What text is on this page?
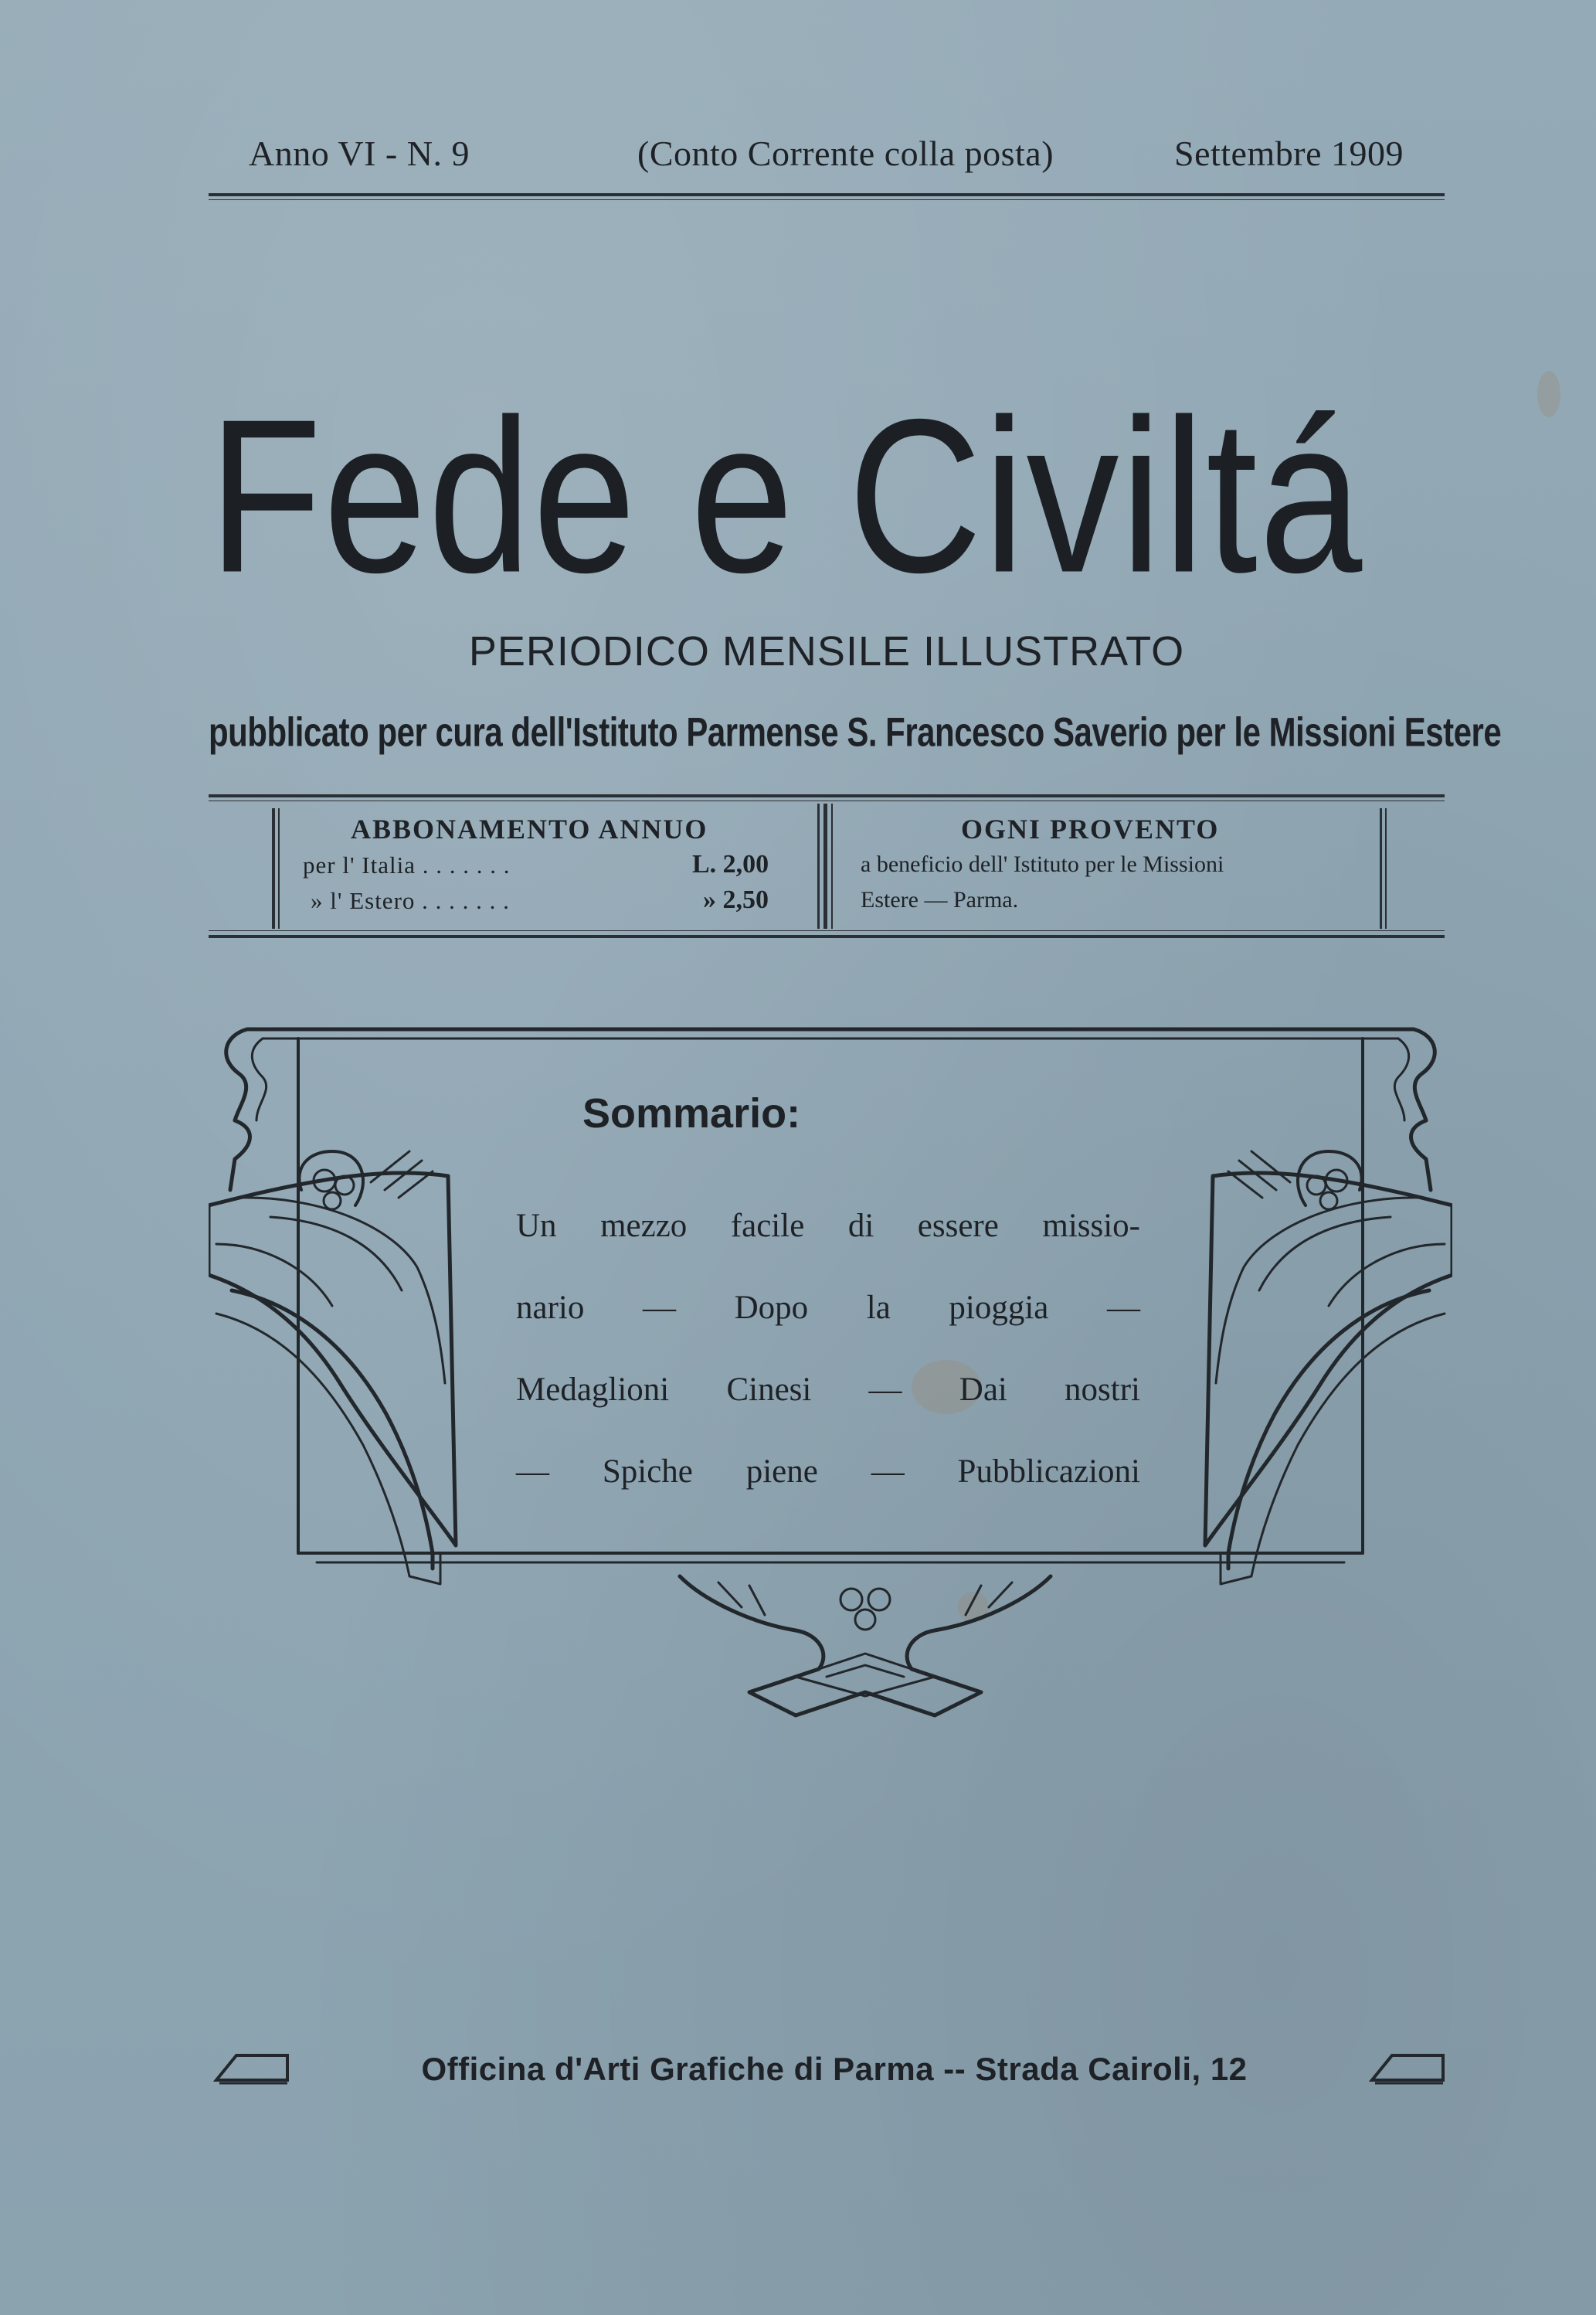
Anno VI - N. 9	(Conto Corrente colla posta)	Settembre 1909
Fede e Civiltá
PERIODICO MENSILE ILLUSTRATO
pubblicato per cura dell'Istituto Parmense S. Francesco Saverio per le Missioni Estere
ABBONAMENTO ANNUO
per l' Italia . . . . . . .	L. 2,00
» l' Estero . . . . . . .	» 2,50
OGNI PROVENTO
a beneficio dell' Istituto per le Missioni
Estere — Parma.
Sommario:
Un mezzo facile di essere missio-
nario — Dopo la pioggia —
Medaglioni Cinesi — Dai nostri
— Spiche piene — Pubblicazioni
Officina d'Arti Grafiche di Parma -- Strada Cairoli, 12
